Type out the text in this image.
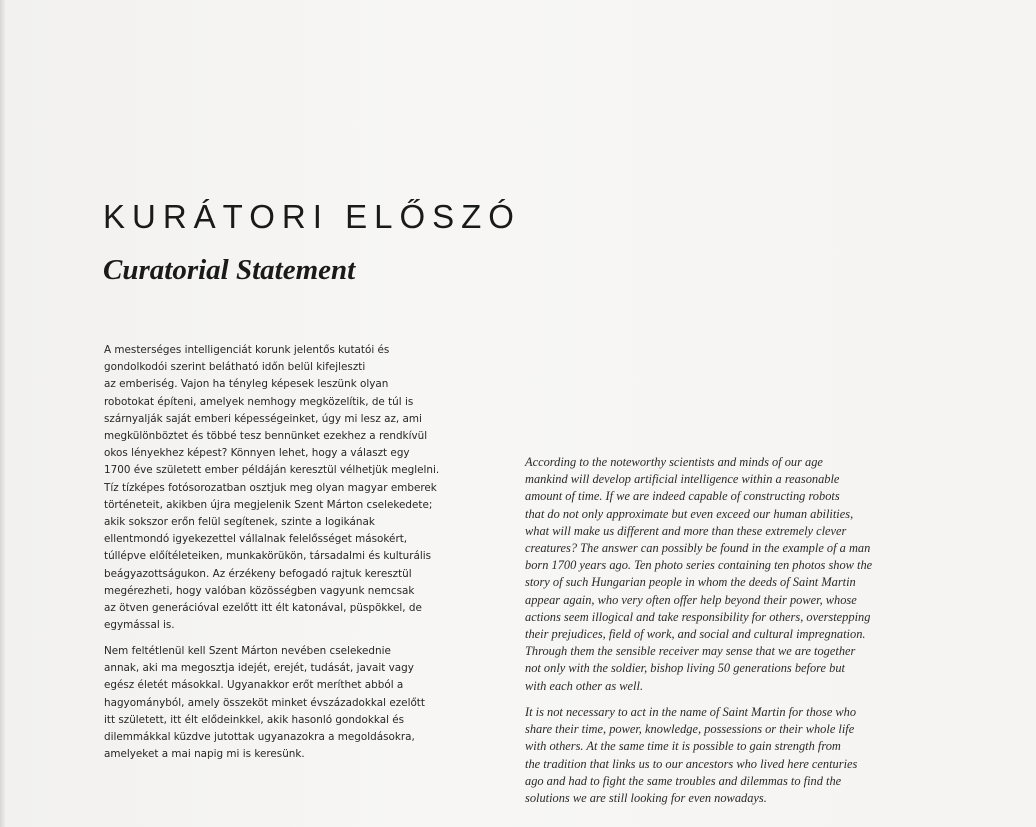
KURÁTORI ELŐSZÓ
Curatorial Statement

A mesterséges intelligenciát korunk jelentős kutatói és
gondolkodói szerint belátható időn belül kifejleszti
az emberiség. Vajon ha tényleg képesek leszünk olyan
robotokat építeni, amelyek nemhogy megközelítik, de túl is
szárnyalják saját emberi képességeinket, úgy mi lesz az, ami
megkülönböztet és többé tesz bennünket ezekhez a rendkívül
okos lényekhez képest? Könnyen lehet, hogy a választ egy
1700 éve született ember példáján keresztül vélhetjük meglelni.
Tíz tízképes fotósorozatban osztjuk meg olyan magyar emberek
történeteit, akikben újra megjelenik Szent Márton cselekedete;
akik sokszor erőn felül segítenek, szinte a logikának
ellentmondó igyekezettel vállalnak felelősséget másokért,
túllépve előítéleteiken, munkakörükön, társadalmi és kulturális
beágyazottságukon. Az érzékeny befogadó rajtuk keresztül
megérezheti, hogy valóban közösségben vagyunk nemcsak
az ötven generációval ezelőtt itt élt katonával, püspökkel, de
egymással is.

Nem feltétlenül kell Szent Márton nevében cselekednie
annak, aki ma megosztja idejét, erejét, tudását, javait vagy
egész életét másokkal. Ugyanakkor erőt meríthet abból a
hagyományból, amely összeköt minket évszázadokkal ezelőtt
itt született, itt élt elődeinkkel, akik hasonló gondokkal és
dilemmákkal küzdve jutottak ugyanazokra a megoldásokra,
amelyeket a mai napig mi is keresünk.

According to the noteworthy scientists and minds of our age
mankind will develop artificial intelligence within a reasonable
amount of time. If we are indeed capable of constructing robots
that do not only approximate but even exceed our human abilities,
what will make us different and more than these extremely clever
creatures? The answer can possibly be found in the example of a man
born 1700 years ago. Ten photo series containing ten photos show the
story of such Hungarian people in whom the deeds of Saint Martin
appear again, who very often offer help beyond their power, whose
actions seem illogical and take responsibility for others, overstepping
their prejudices, field of work, and social and cultural impregnation.
Through them the sensible receiver may sense that we are together
not only with the soldier, bishop living 50 generations before but
with each other as well.

It is not necessary to act in the name of Saint Martin for those who
share their time, power, knowledge, possessions or their whole life
with others. At the same time it is possible to gain strength from
the tradition that links us to our ancestors who lived here centuries
ago and had to fight the same troubles and dilemmas to find the
solutions we are still looking for even nowadays.
